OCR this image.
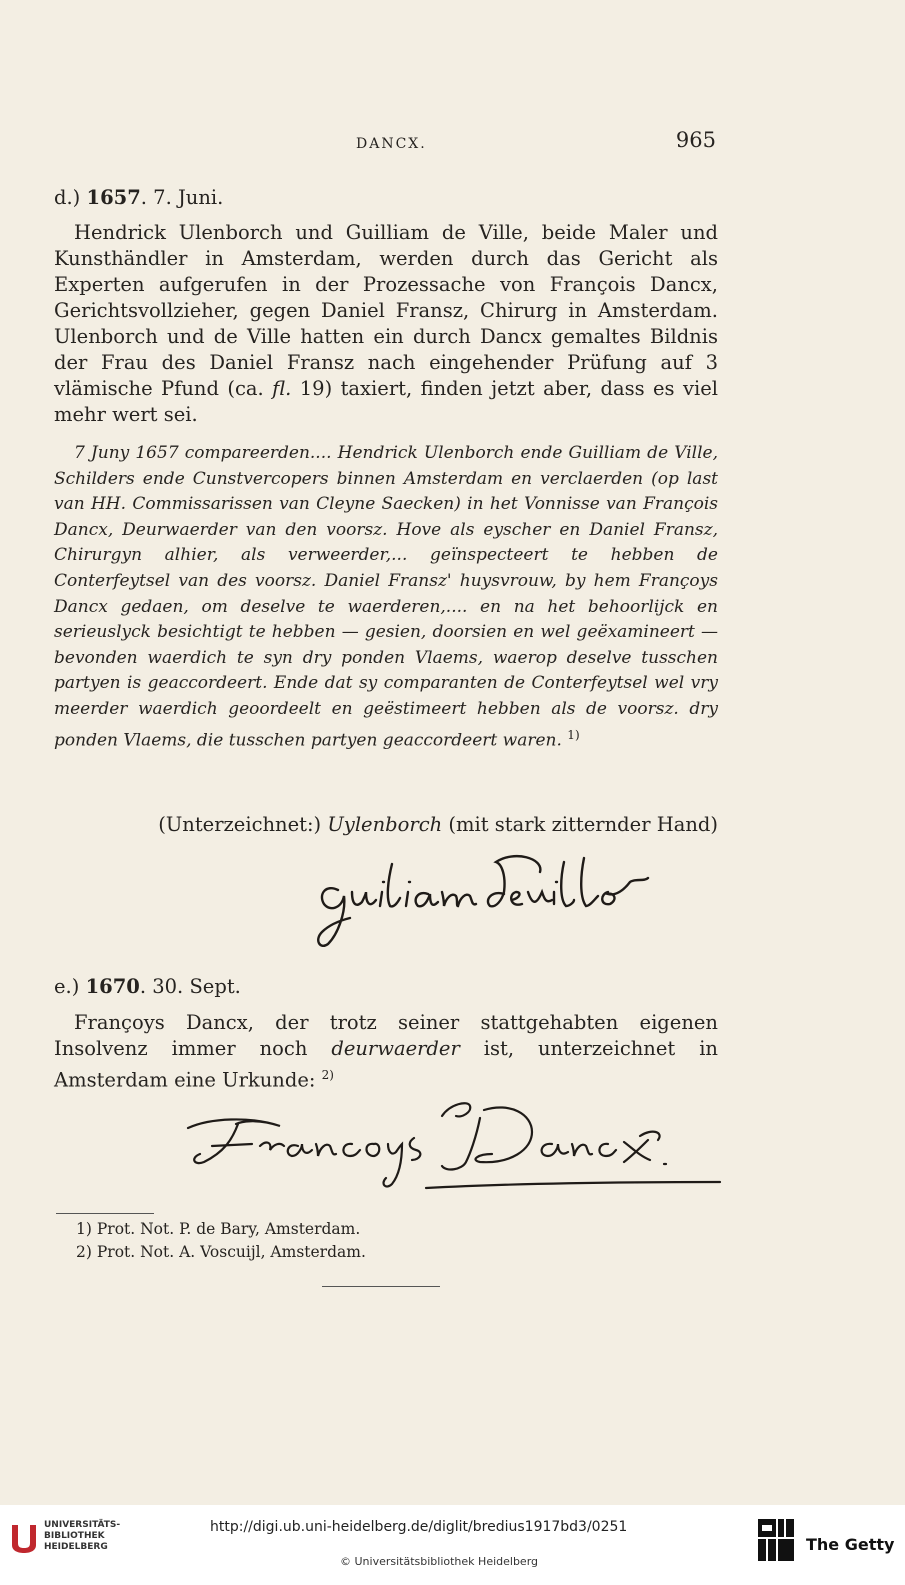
DANCX.	965

d.) 1657. 7. Juni.

Hendrick Ulenborch und Guilliam de Ville, beide Maler und Kunsthändler in Amsterdam, werden durch das Gericht als Experten aufgerufen in der Prozessache von François Dancx, Gerichtsvollzieher, gegen Daniel Fransz, Chirurg in Amsterdam. Ulenborch und de Ville hatten ein durch Dancx gemaltes Bildnis der Frau des Daniel Fransz nach eingehender Prüfung auf 3 vlämische Pfund (ca. fl. 19) taxiert, finden jetzt aber, dass es viel mehr wert sei.

7 Juny 1657 compareerden.... Hendrick Ulenborch ende Guilliam de Ville, Schilders ende Cunstvercopers binnen Amsterdam en verclaerden (op last van HH. Commissarissen van Cleyne Saecken) in het Vonnisse van François Dancx, Deurwaerder van den voorsz. Hove als eyscher en Daniel Fransz, Chirurgyn alhier, als verweerder,... geïnspecteert te hebben de Conterfeytsel van des voorsz. Daniel Fransz' huysvrouw, by hem Françoys Dancx gedaen, om deselve te waerderen,.... en na het behoorlijck en serieuslyck besichtigt te hebben — gesien, doorsien en wel geëxamineert — bevonden waerdich te syn dry ponden Vlaems, waerop deselve tusschen partyen is geaccordeert. Ende dat sy comparanten de Conterfeytsel wel vry meerder waerdich geoordeelt en geëstimeert hebben als de voorsz. dry ponden Vlaems, die tusschen partyen geaccordeert waren. $^{1)}$

(Unterzeichnet:) Uylenborch (mit stark zitternder Hand)

e.) 1670. 30. Sept.

Françoys Dancx, der trotz seiner stattgehabten eigenen Insolvenz immer noch deurwaerder ist, unterzeichnet in Amsterdam eine Urkunde: $^{2)}$

1) Prot. Not. P. de Bary, Amsterdam.
2) Prot. Not. A. Voscuijl, Amsterdam.
UNIVERSITÄTS-
BIBLIOTHEK
HEIDELBERG
http://digi.ub.uni-heidelberg.de/diglit/bredius1917bd3/0251
© Universitätsbibliothek Heidelberg
The Getty
